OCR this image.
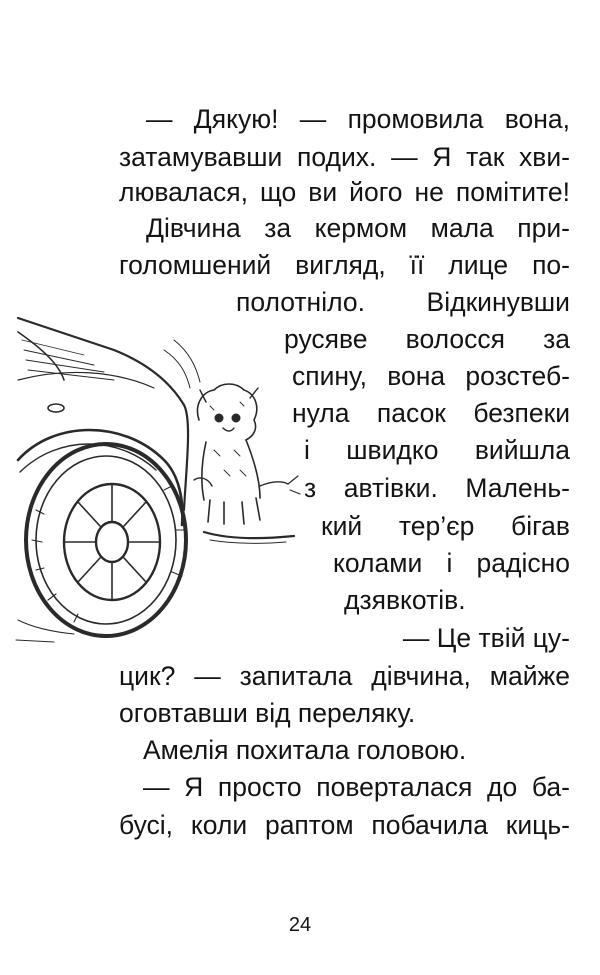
— Дякую! — промовила вона,
затамувавши подих. — Я так хви-
лювалася, що ви його не помітите!
Дівчина за кермом мала при-
голомшений вигляд, її лице по-
полотніло. Відкинувши
русяве волосся за
спину, вона розстеб-
нула пасок безпеки
і швидко вийшла
з автівки. Малень-
кий тер’єр бігав
колами і радісно
дзявкотів.
— Це твій цу-
цик? — запитала дівчина, майже
оговтавши від переляку.
Амелія похитала головою.
— Я просто поверталася до ба-
бусі, коли раптом побачила киць-
24
